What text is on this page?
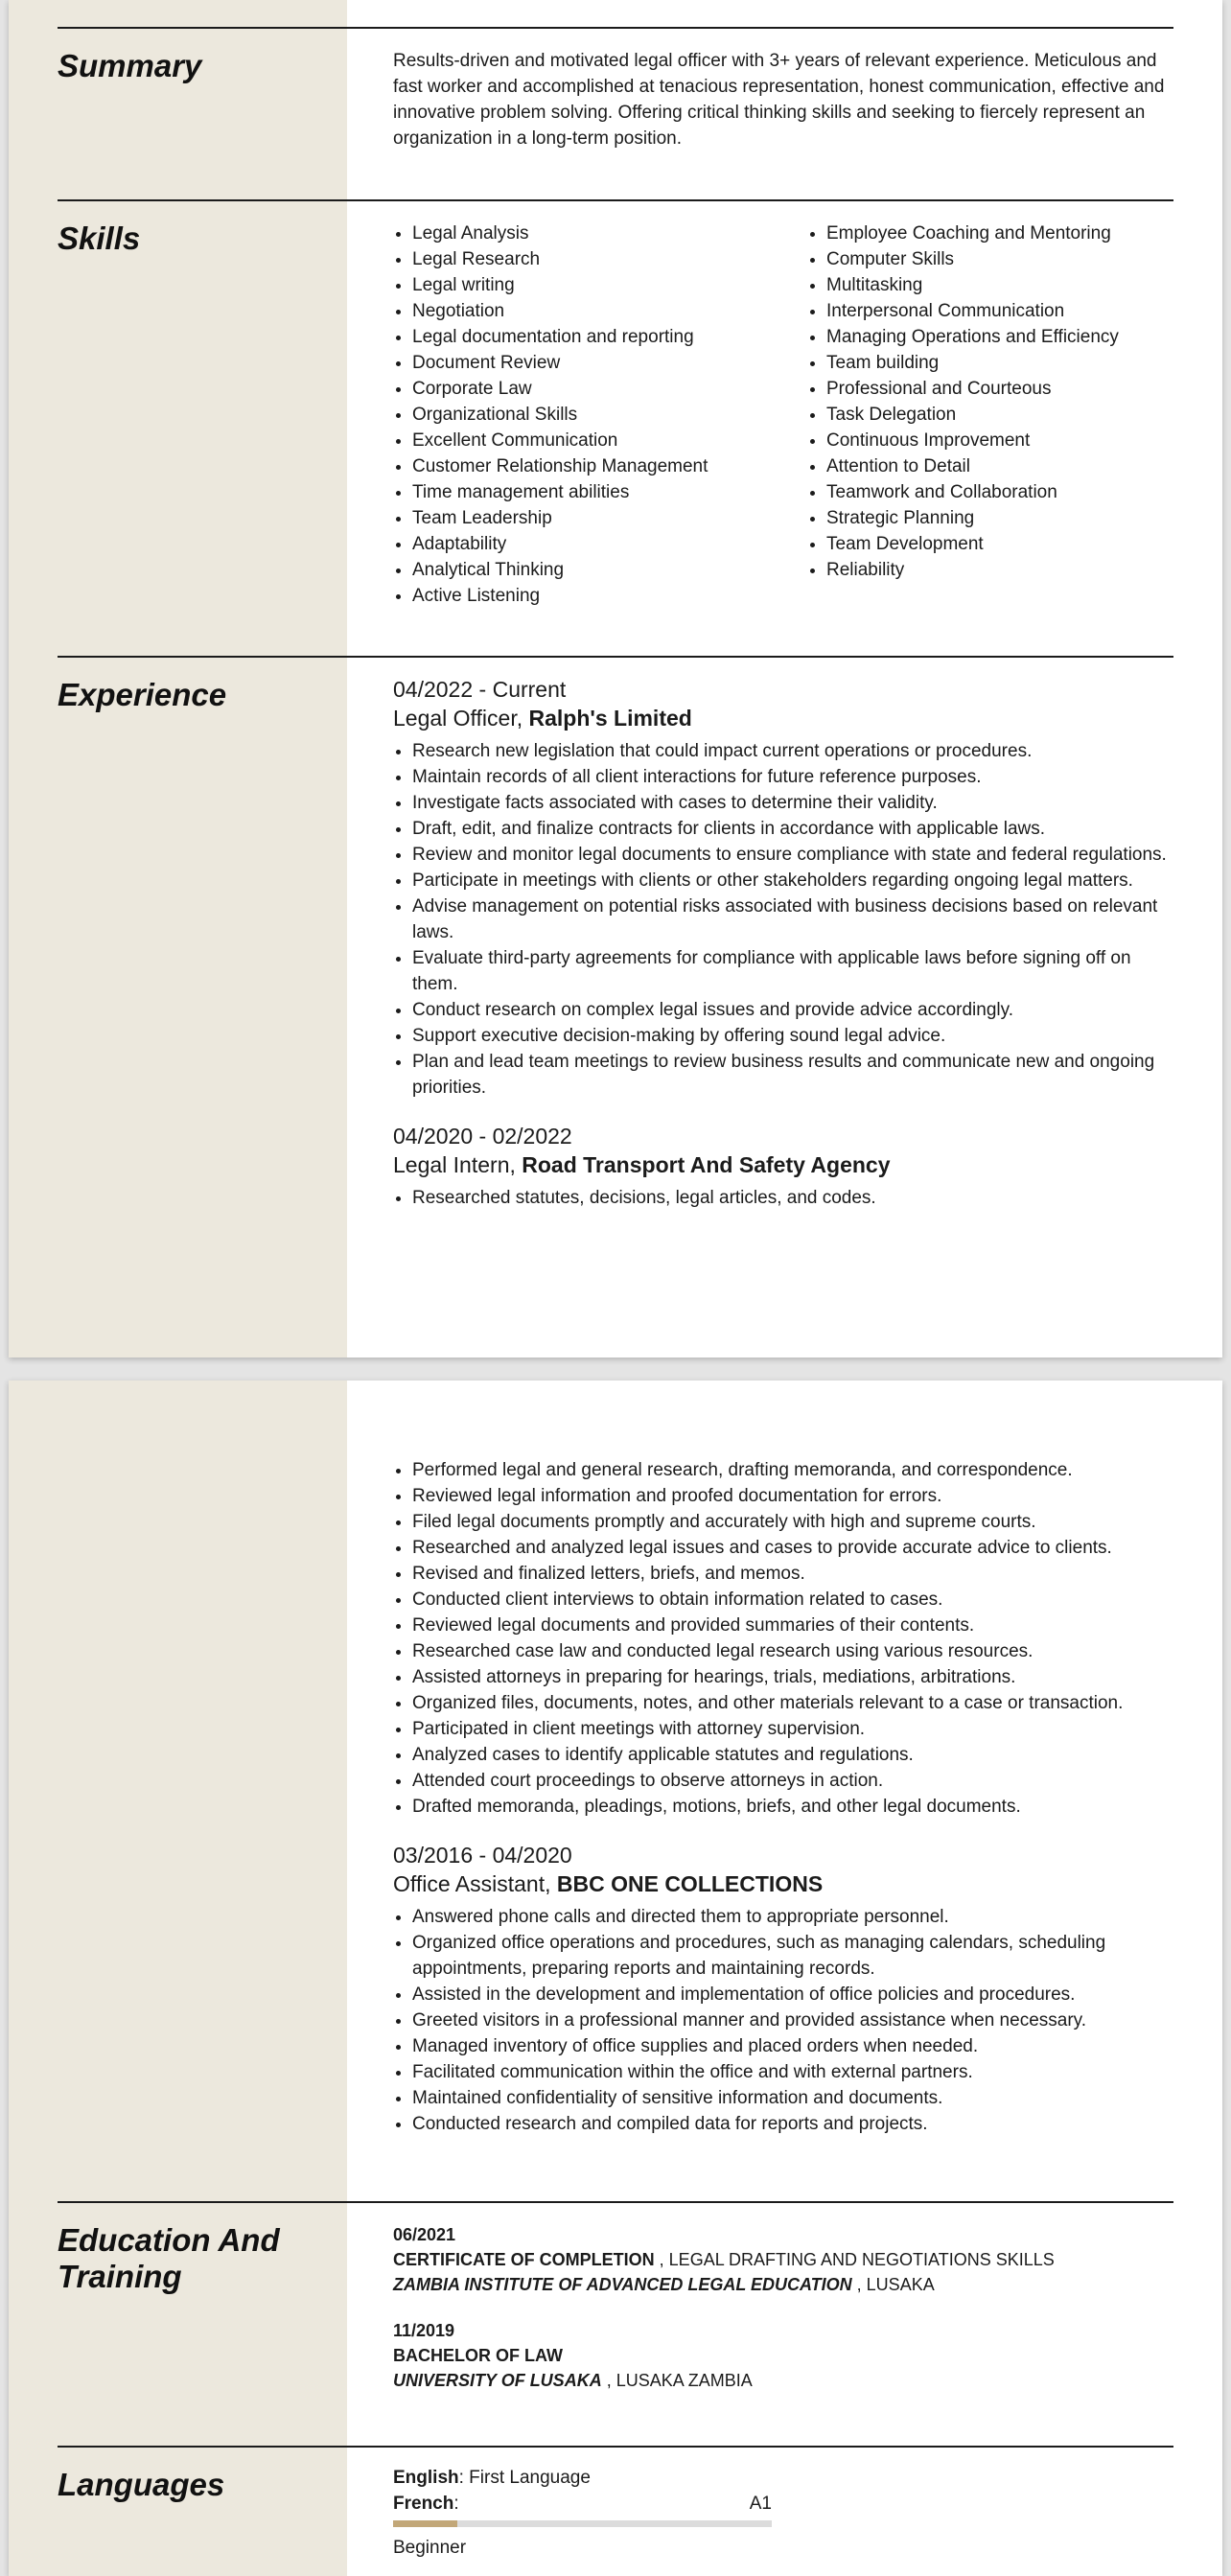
Summary	Results-driven and motivated legal officer with 3+ years of relevant experience. Meticulous and fast worker and accomplished at tenacious representation, honest communication, effective and innovative problem solving. Offering critical thinking skills and seeking to fiercely represent an organization in a long-term position.

Skills
•	Legal Analysis
• Legal Research
• Legal writing
• Negotiation
• Legal documentation and reporting
• Document Review
• Corporate Law
• Organizational Skills
• Excellent Communication
• Customer Relationship Management
• Time management abilities
• Team Leadership
• Adaptability
• Analytical Thinking
• Active Listening
• Employee Coaching and Mentoring
• Computer Skills
• Multitasking
• Interpersonal Communication
• Managing Operations and Efficiency
• Team building
• Professional and Courteous
• Task Delegation
• Continuous Improvement
• Attention to Detail
• Teamwork and Collaboration
• Strategic Planning
• Team Development
• Reliability
Experience	04/2022 - Current
Legal Officer, Ralph's Limited
• Research new legislation that could impact current operations or procedures.
• Maintain records of all client interactions for future reference purposes.
• Investigate facts associated with cases to determine their validity.
• Draft, edit, and finalize contracts for clients in accordance with applicable laws.
• Review and monitor legal documents to ensure compliance with state and federal regulations.
• Participate in meetings with clients or other stakeholders regarding ongoing legal matters.
• Advise management on potential risks associated with business decisions based on relevant laws.
• Evaluate third-party agreements for compliance with applicable laws before signing off on them.
• Conduct research on complex legal issues and provide advice accordingly.
• Support executive decision-making by offering sound legal advice.
• Plan and lead team meetings to review business results and communicate new and ongoing priorities.
04/2020 - 02/2022
Legal Intern, Road Transport And Safety Agency
• Researched statutes, decisions, legal articles, and codes.
• Performed legal and general research, drafting memoranda, and correspondence.
• Reviewed legal information and proofed documentation for errors.
• Filed legal documents promptly and accurately with high and supreme courts.
• Researched and analyzed legal issues and cases to provide accurate advice to clients.
• Revised and finalized letters, briefs, and memos.
• Conducted client interviews to obtain information related to cases.
• Reviewed legal documents and provided summaries of their contents.
• Researched case law and conducted legal research using various resources.
• Assisted attorneys in preparing for hearings, trials, mediations, arbitrations.
• Organized files, documents, notes, and other materials relevant to a case or transaction.
• Participated in client meetings with attorney supervision.
• Analyzed cases to identify applicable statutes and regulations.
• Attended court proceedings to observe attorneys in action.
• Drafted memoranda, pleadings, motions, briefs, and other legal documents.
03/2016 - 04/2020
Office Assistant, BBC ONE COLLECTIONS
• Answered phone calls and directed them to appropriate personnel.
• Organized office operations and procedures, such as managing calendars, scheduling appointments, preparing reports and maintaining records.
• Assisted in the development and implementation of office policies and procedures.
• Greeted visitors in a professional manner and provided assistance when necessary.
• Managed inventory of office supplies and placed orders when needed.
• Facilitated communication within the office and with external partners.
• Maintained confidentiality of sensitive information and documents.
• Conducted research and compiled data for reports and projects.
Education And Training
06/2021
CERTIFICATE OF COMPLETION , LEGAL DRAFTING AND NEGOTIATIONS SKILLS
ZAMBIA INSTITUTE OF ADVANCED LEGAL EDUCATION , LUSAKA
11/2019
BACHELOR OF LAW
UNIVERSITY OF LUSAKA , LUSAKA ZAMBIA
Languages	English: First Language
French:	A1
Beginner
